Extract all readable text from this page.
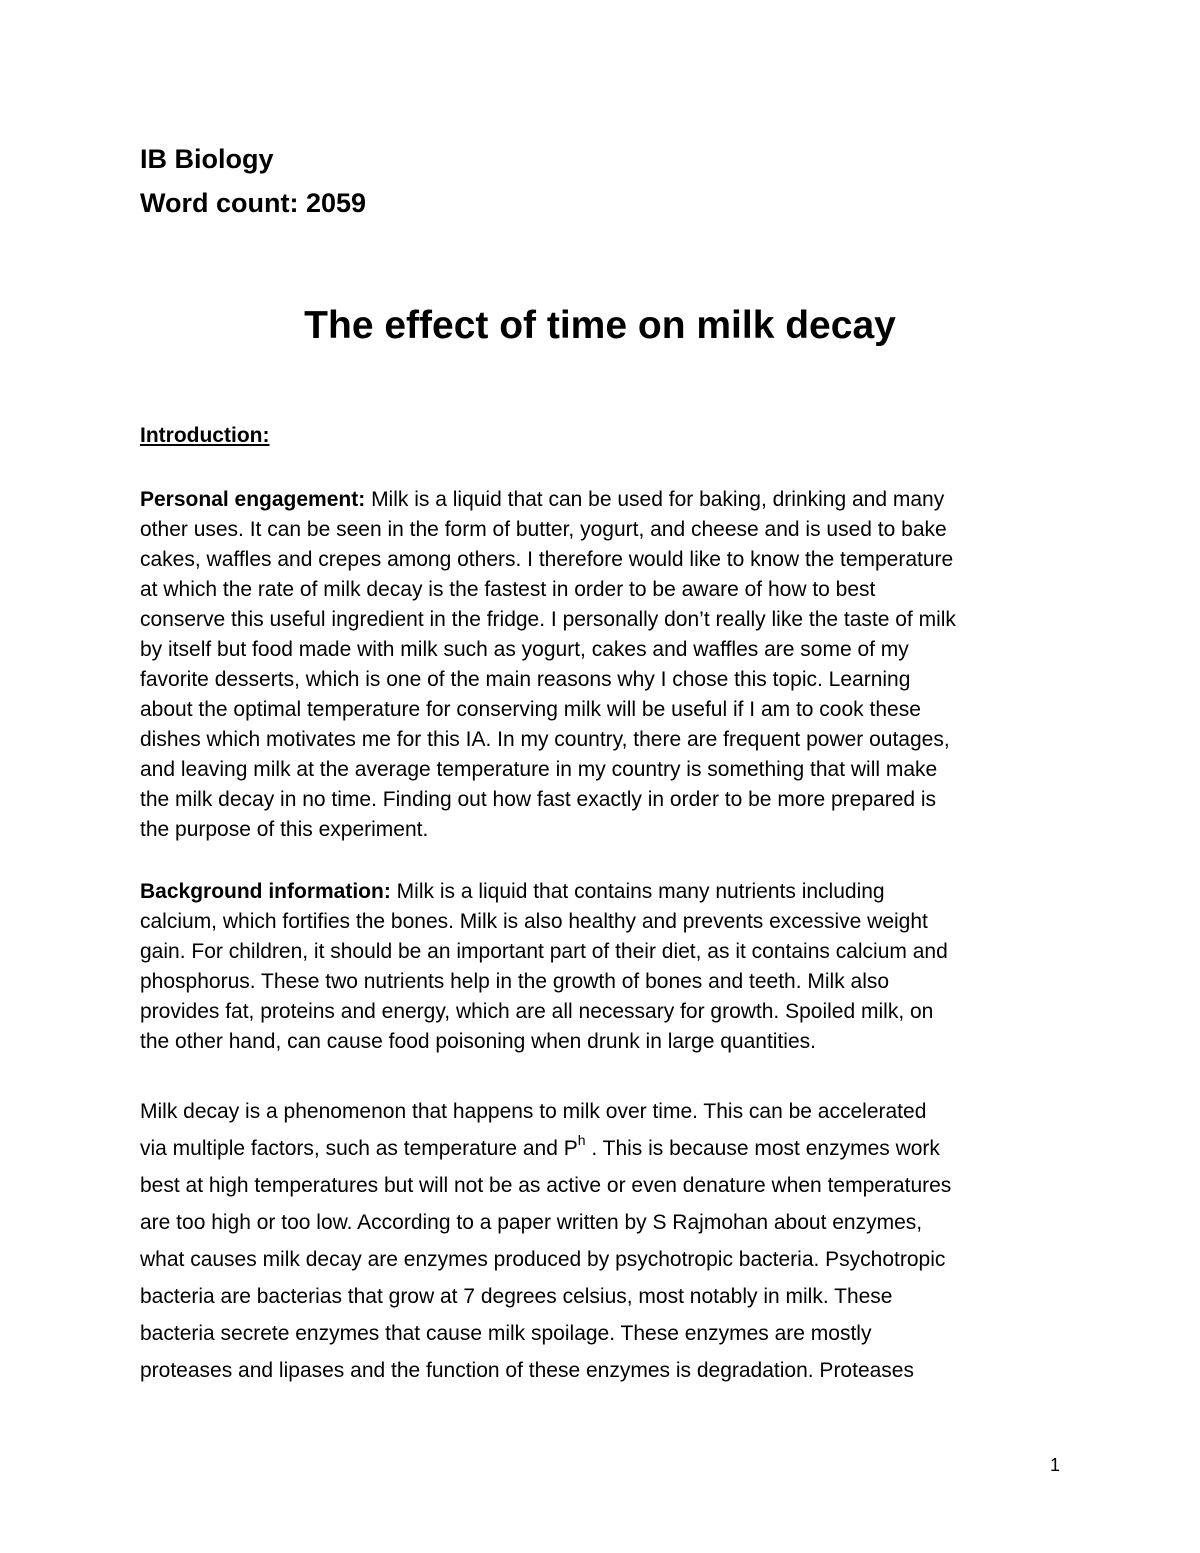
IB Biology
Word count: 2059
The effect of time on milk decay
Introduction:
Personal engagement: Milk is a liquid that can be used for baking, drinking and many
other uses. It can be seen in the form of butter, yogurt, and cheese and is used to bake
cakes, waffles and crepes among others. I therefore would like to know the temperature
at which the rate of milk decay is the fastest in order to be aware of how to best
conserve this useful ingredient in the fridge. I personally don’t really like the taste of milk
by itself but food made with milk such as yogurt, cakes and waffles are some of my
favorite desserts, which is one of the main reasons why I chose this topic. Learning
about the optimal temperature for conserving milk will be useful if I am to cook these
dishes which motivates me for this IA. In my country, there are frequent power outages,
and leaving milk at the average temperature in my country is something that will make
the milk decay in no time. Finding out how fast exactly in order to be more prepared is
the purpose of this experiment.
Background information: Milk is a liquid that contains many nutrients including
calcium, which fortifies the bones. Milk is also healthy and prevents excessive weight
gain. For children, it should be an important part of their diet, as it contains calcium and
phosphorus. These two nutrients help in the growth of bones and teeth. Milk also
provides fat, proteins and energy, which are all necessary for growth. Spoiled milk, on
the other hand, can cause food poisoning when drunk in large quantities.
Milk decay is a phenomenon that happens to milk over time. This can be accelerated
via multiple factors, such as temperature and $P^h$ . This is because most enzymes work
best at high temperatures but will not be as active or even denature when temperatures
are too high or too low. According to a paper written by S Rajmohan about enzymes,
what causes milk decay are enzymes produced by psychotropic bacteria. Psychotropic
bacteria are bacterias that grow at 7 degrees celsius, most notably in milk. These
bacteria secrete enzymes that cause milk spoilage. These enzymes are mostly
proteases and lipases and the function of these enzymes is degradation. Proteases
1
